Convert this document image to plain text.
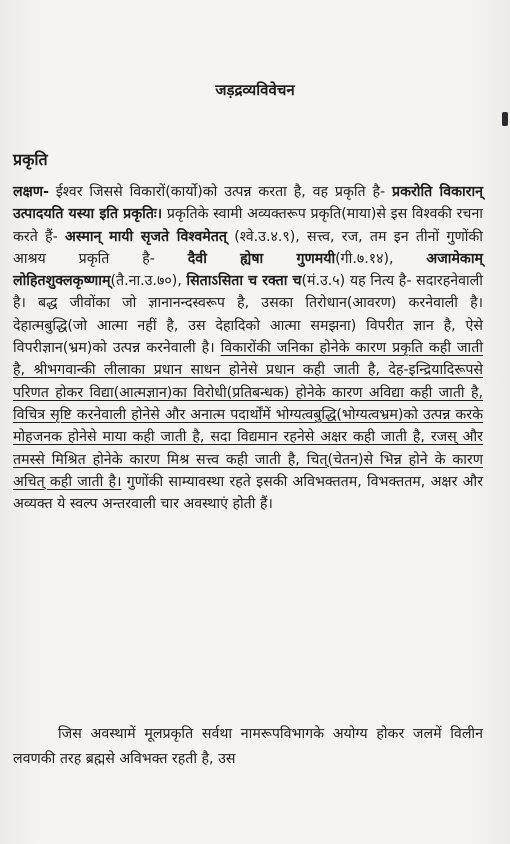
जड़द्रव्यविवेचन
प्रकृति
लक्षण- ईश्वर जिससे विकारों(कार्यो)को उत्पन्न करता है, वह प्रकृति है- प्रकरोति विकारान् उत्पादयति यस्या इति प्रकृतिः। प्रकृतिके स्वामी अव्यक्तरूप प्रकृति(माया)से इस विश्वकी रचना करते हैं- अस्मान् मायी सृजते विश्वमेतत् (श्वे.उ.४.९), सत्त्व, रज, तम इन तीनों गुणोंकी आश्रय प्रकृति है- दैवी ह्येषा गुणमयी(गी.७.१४), अजामेकाम् लोहितशुक्लकृष्णाम्(तै.ना.उ.७०), सिताऽसिता च रक्ता च(मं.उ.५) यह नित्य है- सदारहनेवाली है। बद्ध जीवोंका जो ज्ञानानन्दस्वरूप है, उसका तिरोधान(आवरण) करनेवाली है। देहात्मबुद्धि(जो आत्मा नहीं है, उस देहादिको आत्मा समझना) विपरीत ज्ञान है, ऐसे विपरीज्ञान(भ्रम)को उत्पन्न करनेवाली है। विकारोंकी जनिका होनेके कारण प्रकृति कही जाती है, श्रीभगवान्की लीलाका प्रधान साधन होनेसे प्रधान कही जाती है, देह-इन्द्रियादिरूपसे परिणत होकर विद्या(आत्मज्ञान)का विरोधी(प्रतिबन्धक) होनेके कारण अविद्या कही जाती है, विचित्र सृष्टि करनेवाली होनेसे और अनात्म पदार्थोंमें भोग्यत्वबुद्धि(भोग्यत्वभ्रम)को उत्पन्न करके मोहजनक होनेसे माया कही जाती है, सदा विद्यमान रहनेसे अक्षर कही जाती है, रजस् और तमस्से मिश्रित होनेके कारण मिश्र सत्त्व कही जाती है, चित्(चेतन)से भिन्न होने के कारण अचित् कही जाती है। गुणोंकी साम्यावस्था रहते इसकी अविभक्ततम, विभक्ततम, अक्षर और अव्यक्त ये स्वल्प अन्तरवाली चार अवस्थाएं होती हैं।
जिस अवस्थामें मूलप्रकृति सर्वथा नामरूपविभागके अयोग्य होकर जलमें विलीन लवणकी तरह ब्रह्मसे अविभक्त रहती है, उस
